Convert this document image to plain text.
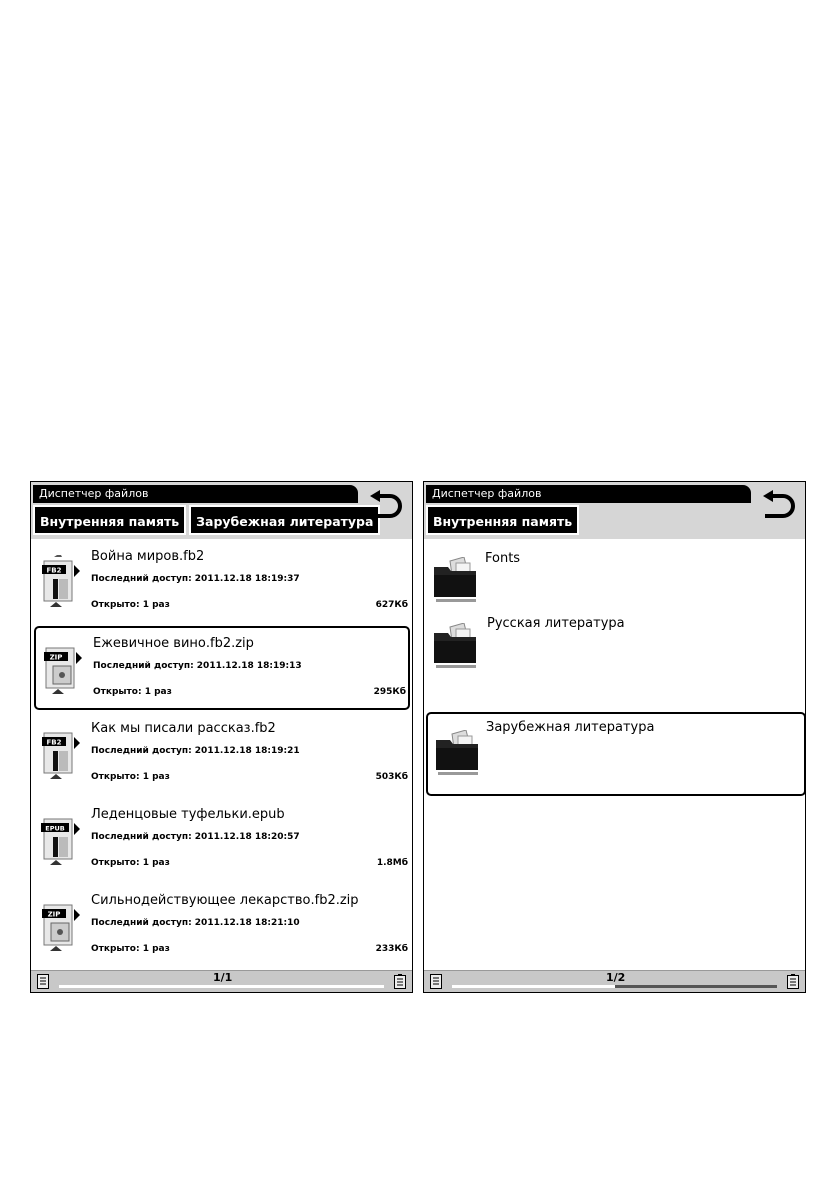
Диспетчер файлов
Внутренняя память	Зарубежная литература
FB2
Война миров.fb2
Последний доступ: 2011.12.18 18:19:37
Открыто: 1 раз	627Кб
ZIP
Ежевичное вино.fb2.zip
Последний доступ: 2011.12.18 18:19:13
Открыто: 1 раз	295Кб
FB2
Как мы писали рассказ.fb2
Последний доступ: 2011.12.18 18:19:21
Открыто: 1 раз	503Кб
EPUB
Леденцовые туфельки.epub
Последний доступ: 2011.12.18 18:20:57
Открыто: 1 раз	1.8Мб
ZIP
Сильнодействующее лекарство.fb2.zip
Последний доступ: 2011.12.18 18:21:10
Открыто: 1 раз	233Кб
1/1
Диспетчер файлов
Внутренняя память
Fonts
Русская литература
Зарубежная литература
1/2
